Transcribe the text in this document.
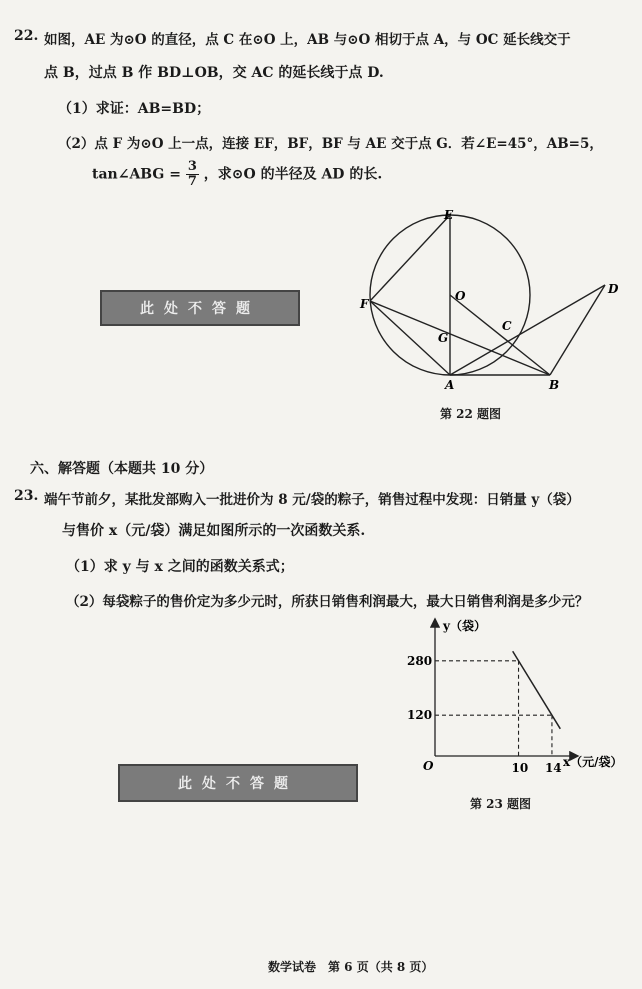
22. 如图，AE 为⊙O 的直径，点 C 在⊙O 上，AB 与⊙O 相切于点 A，与 OC 延长线交于
点 B，过点 B 作 BD⊥OB，交 AC 的延长线于点 D.
（1）求证：AB=BD；
（2）点 F 为⊙O 上一点，连接 EF，BF，BF 与 AE 交于点 G．若∠E=45°，AB=5，
tan∠ABG = $\frac{3}{7}$ ，求⊙O 的半径及 AD 的长.
此处不答题
E
O
F
C
G
A	B
D
第 22 题图
六、解答题（本题共 10 分）
23. 端午节前夕，某批发部购入一批进价为 8 元/袋的粽子，销售过程中发现：日销量 y（袋）
与售价 x（元/袋）满足如图所示的一次函数关系.
（1）求 y 与 x 之间的函数关系式；
（2）每袋粽子的售价定为多少元时，所获日销售利润最大，最大日销售利润是多少元？
此处不答题
O
y（袋）
x（元/袋）
10 14
280
120
第 23 题图
数学试卷　第 6 页（共 8 页）
